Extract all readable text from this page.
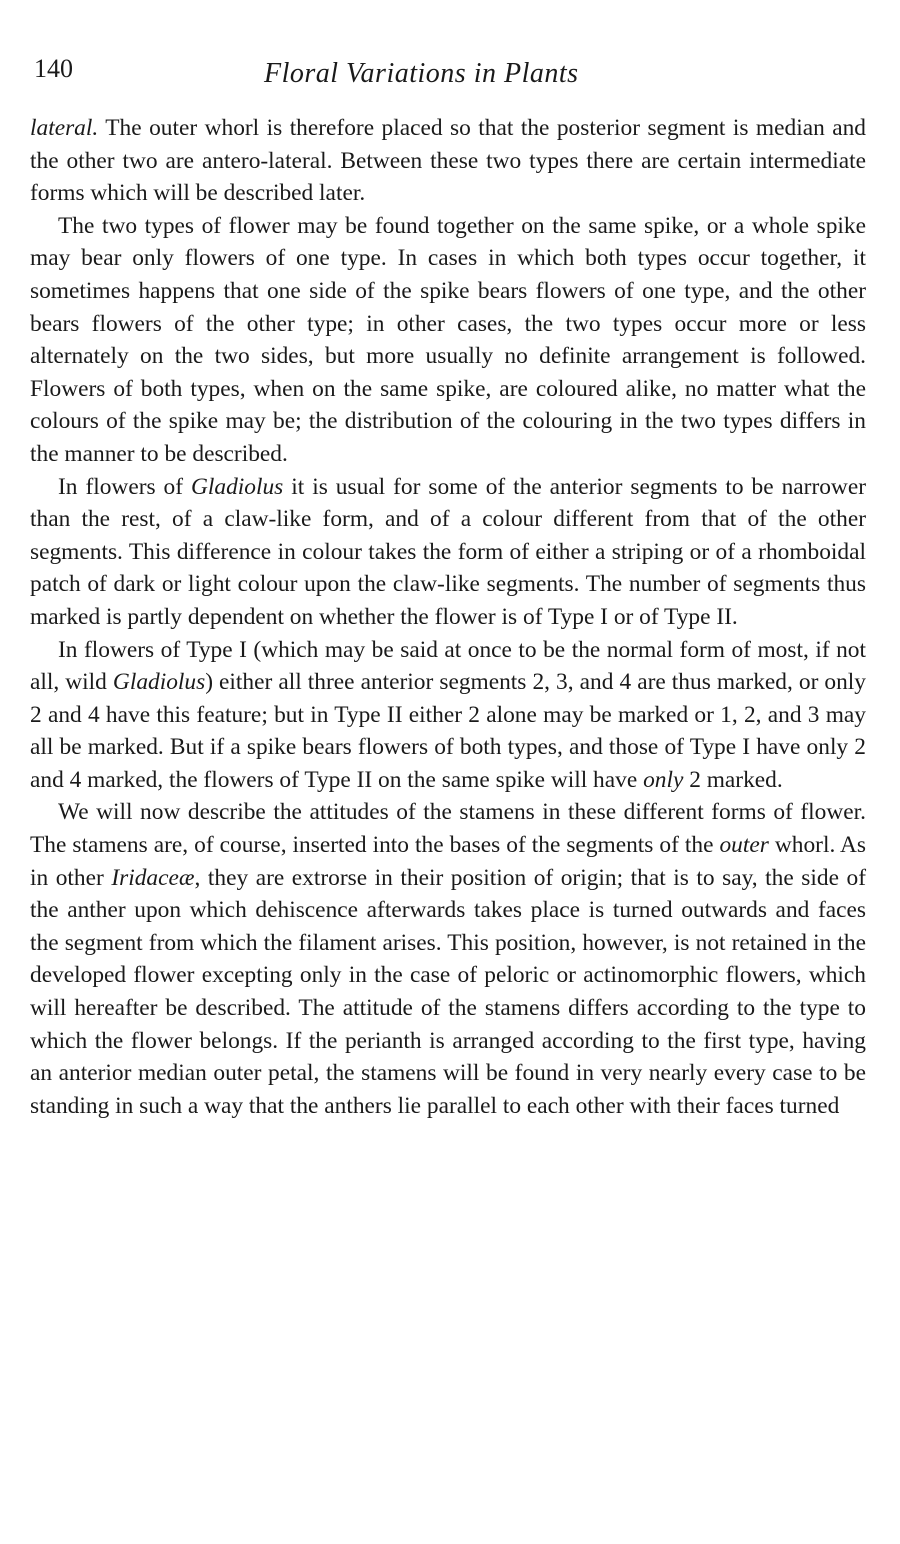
140	Floral Variations in Plants

lateral. The outer whorl is therefore placed so that the posterior segment is median and the other two are antero-lateral. Between these two types there are certain intermediate forms which will be described later.

The two types of flower may be found together on the same spike, or a whole spike may bear only flowers of one type. In cases in which both types occur together, it sometimes happens that one side of the spike bears flowers of one type, and the other bears flowers of the other type; in other cases, the two types occur more or less alternately on the two sides, but more usually no definite arrangement is followed. Flowers of both types, when on the same spike, are coloured alike, no matter what the colours of the spike may be; the distribution of the colouring in the two types differs in the manner to be described.

In flowers of Gladiolus it is usual for some of the anterior segments to be narrower than the rest, of a claw-like form, and of a colour different from that of the other segments. This difference in colour takes the form of either a striping or of a rhomboidal patch of dark or light colour upon the claw-like segments. The number of segments thus marked is partly dependent on whether the flower is of Type I or of Type II.

In flowers of Type I (which may be said at once to be the normal form of most, if not all, wild Gladiolus) either all three anterior segments 2, 3, and 4 are thus marked, or only 2 and 4 have this feature; but in Type II either 2 alone may be marked or 1, 2, and 3 may all be marked. But if a spike bears flowers of both types, and those of Type I have only 2 and 4 marked, the flowers of Type II on the same spike will have only 2 marked.

We will now describe the attitudes of the stamens in these different forms of flower. The stamens are, of course, inserted into the bases of the segments of the outer whorl. As in other Iridaceæ, they are extrorse in their position of origin; that is to say, the side of the anther upon which dehiscence afterwards takes place is turned outwards and faces the segment from which the filament arises. This position, however, is not retained in the developed flower excepting only in the case of peloric or actinomorphic flowers, which will hereafter be described. The attitude of the stamens differs according to the type to which the flower belongs. If the perianth is arranged according to the first type, having an anterior median outer petal, the stamens will be found in very nearly every case to be standing in such a way that the anthers lie parallel to each other with their faces turned
